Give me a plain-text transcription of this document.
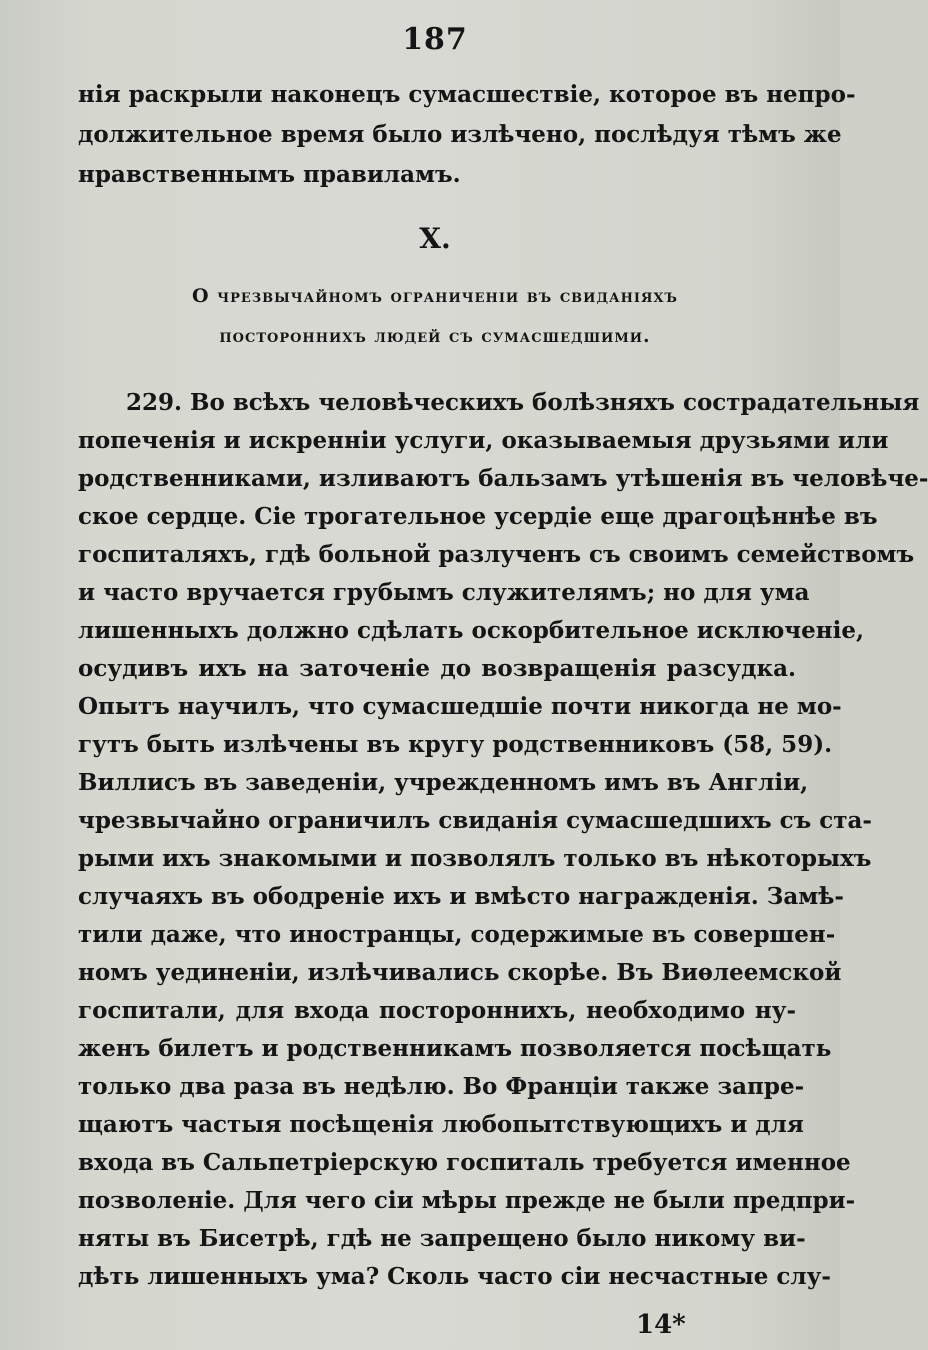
187
нія раскрыли наконецъ сумасшествіе, которое въ непро-
должительное время было излѣчено, послѣдуя тѣмъ же
нравственнымъ правиламъ.
X.
О чрезвычайномъ ограниченіи въ свиданіяхъ
постороннихъ людей съ сумасшедшими.
229. Во всѣхъ человѣческихъ болѣзняхъ сострадательныя
попеченія и искренніи услуги, оказываемыя друзьями или
родственниками, изливаютъ бальзамъ утѣшенія въ человѣче-
ское сердце. Сіе трогательное усердіе еще драгоцѣннѣе въ
госпиталяхъ, гдѣ больной разлученъ съ своимъ семействомъ
и часто вручается грубымъ служителямъ; но для ума
лишенныхъ должно сдѣлать оскорбительное исключеніе,
осудивъ ихъ на заточеніе до возвращенія разсудка.
Опытъ научилъ, что сумасшедшіе почти никогда не мо-
гутъ быть излѣчены въ кругу родственниковъ (58, 59).
Виллисъ въ заведеніи, учрежденномъ имъ въ Англіи,
чрезвычайно ограничилъ свиданія сумасшедшихъ съ ста-
рыми ихъ знакомыми и позволялъ только въ нѣкоторыхъ
случаяхъ въ ободреніе ихъ и вмѣсто награжденія. Замѣ-
тили даже, что иностранцы, содержимые въ совершен-
номъ уединеніи, излѣчивались скорѣе. Въ Виѳлеемской
госпитали, для входа постороннихъ, необходимо ну-
женъ билетъ и родственникамъ позволяется посѣщать
только два раза въ недѣлю. Во Франціи также запре-
щаютъ частыя посѣщенія любопытствующихъ и для
входа въ Сальпетріерскую госпиталь требуется именное
позволеніе. Для чего сіи мѣры прежде не были предпри-
няты въ Бисетрѣ, гдѣ не запрещено было никому ви-
дѣть лишенныхъ ума? Сколь часто сіи несчастные слу-
14*
